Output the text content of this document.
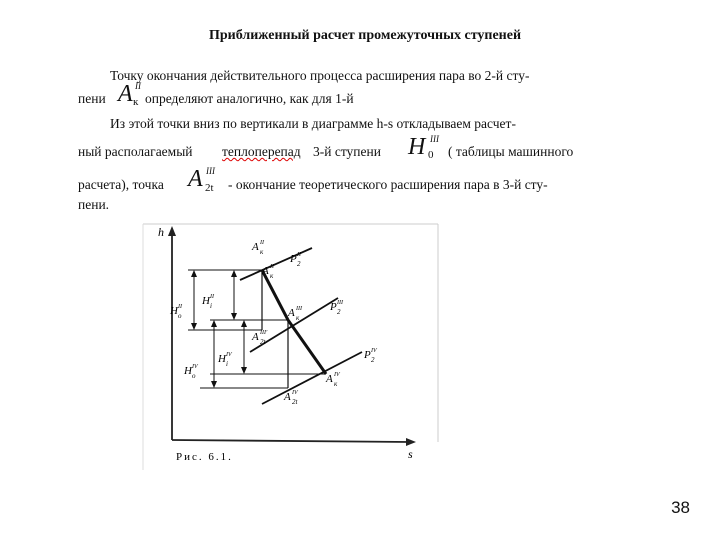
Приближенный расчет промежуточных ступеней
Точку окончания действительного процесса расширения пара во 2-й сту-
пени A II
к определяют аналогично, как для 1-й
Из этой точки вниз по вертикали в диаграмме h-s откладываем расчет-
ный располагаемый теплоперепад 3-й ступени H III
0 ( таблицы машинного
расчета), точка A III
2t - окончание теоретического расширения пара в 3-й сту-
пени.
h
s
A II
к
P II
2
A II
к
A III
к
P III
2
A III'
2t
H i
II
H o
II
H i
IV
H o
IV
P IV
2
A IV
к
A IV
2t
Рис. 6.1.
38
